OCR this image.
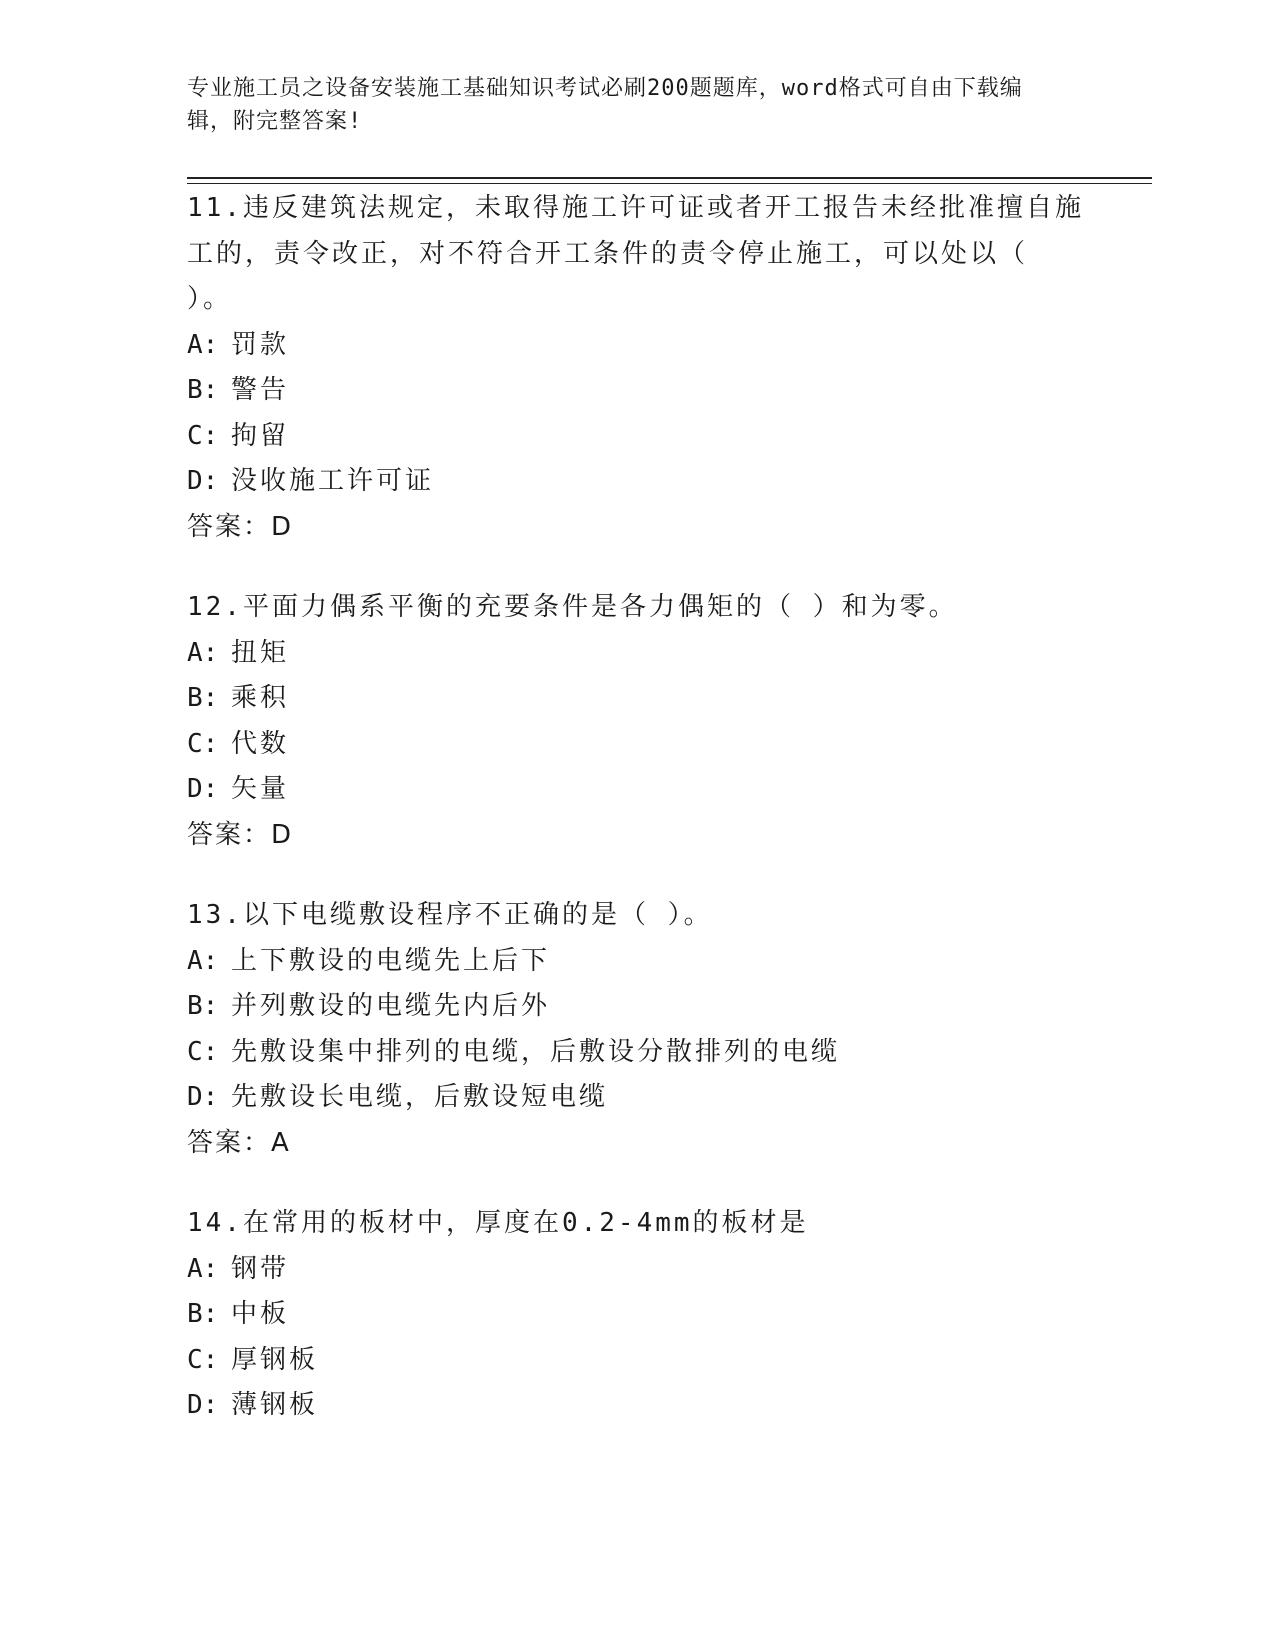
专业施工员之设备安装施工基础知识考试必刷200题题库，word格式可自由下载编辑，附完整答案!

11.违反建筑法规定，未取得施工许可证或者开工报告未经批准擅自施工的，责令改正，对不符合开工条件的责令停止施工，可以处以（ ）。

A: 罚款
B: 警告
C: 拘留
D: 没收施工许可证
答案：D

12.平面力偶系平衡的充要条件是各力偶矩的（ ）和为零。

A: 扭矩
B: 乘积
C: 代数
D: 矢量
答案：D

13.以下电缆敷设程序不正确的是（ ）。

A: 上下敷设的电缆先上后下
B: 并列敷设的电缆先内后外
C: 先敷设集中排列的电缆，后敷设分散排列的电缆
D: 先敷设长电缆，后敷设短电缆
答案：A

14.在常用的板材中，厚度在0.2-4mm的板材是

A: 钢带
B: 中板
C: 厚钢板
D: 薄钢板
